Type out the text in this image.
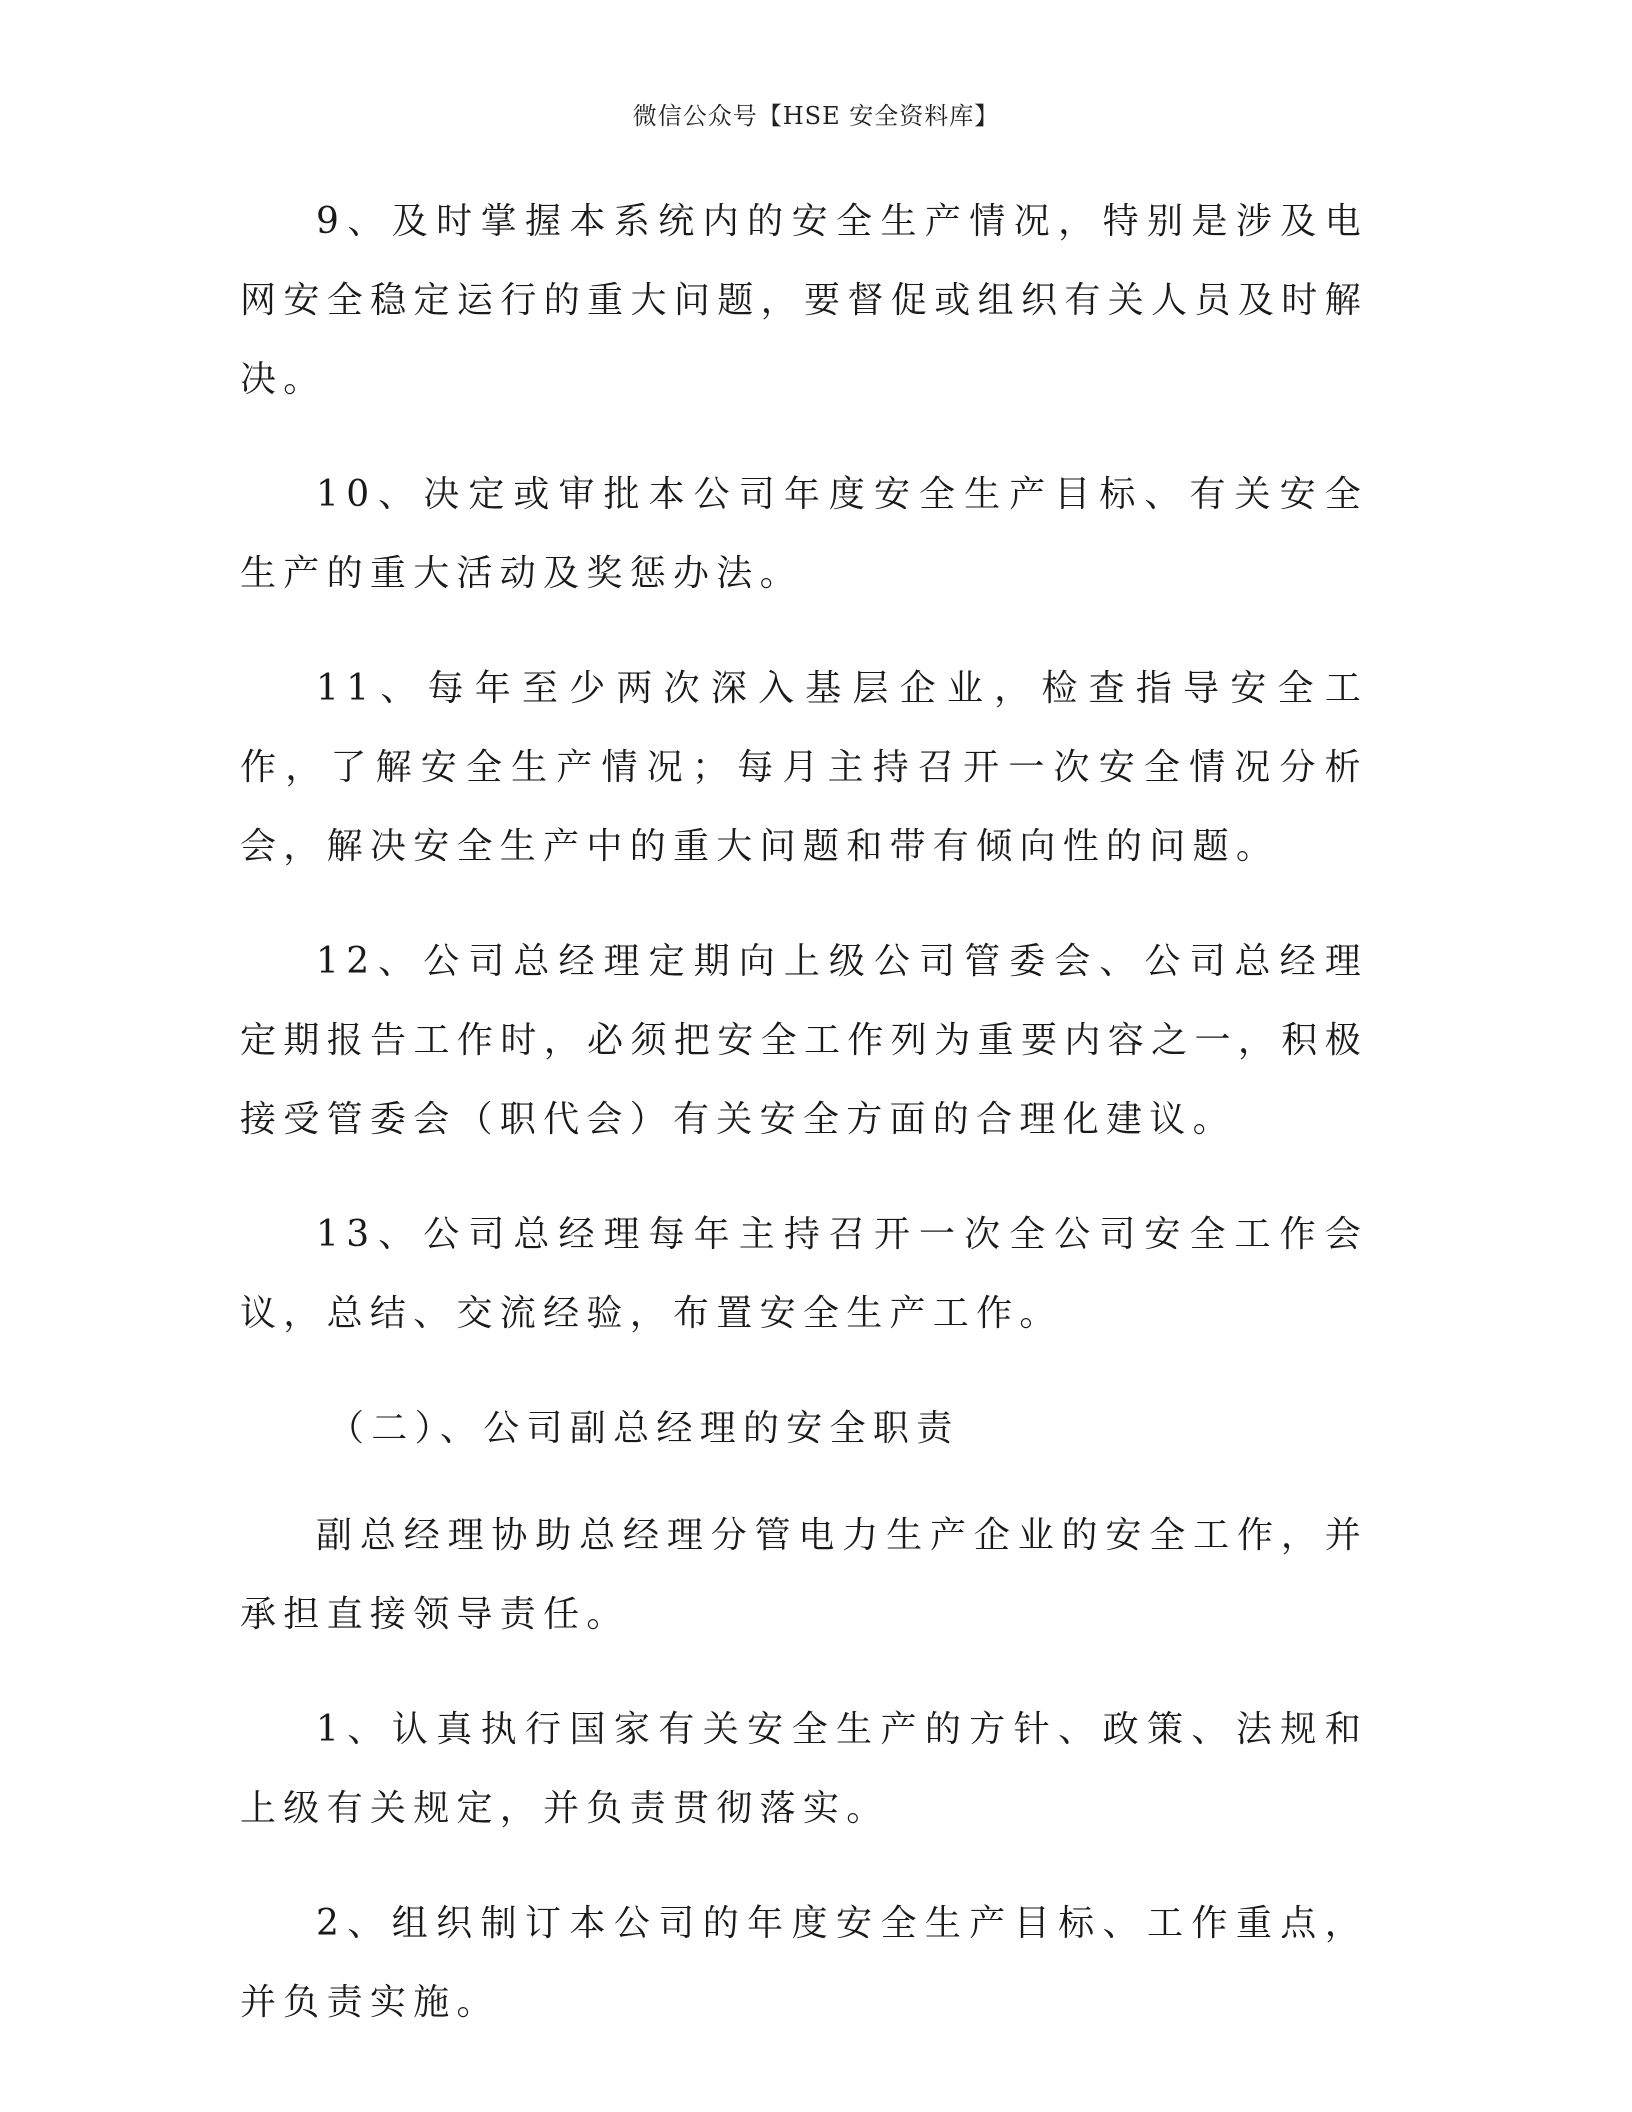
微信公众号【HSE 安全资料库】

9、及时掌握本系统内的安全生产情况，特别是涉及电网安全稳定运行的重大问题，要督促或组织有关人员及时解决。

10、决定或审批本公司年度安全生产目标、有关安全生产的重大活动及奖惩办法。

11、每年至少两次深入基层企业，检查指导安全工作，了解安全生产情况；每月主持召开一次安全情况分析会，解决安全生产中的重大问题和带有倾向性的问题。

12、公司总经理定期向上级公司管委会、公司总经理定期报告工作时，必须把安全工作列为重要内容之一，积极接受管委会（职代会）有关安全方面的合理化建议。

13、公司总经理每年主持召开一次全公司安全工作会议，总结、交流经验，布置安全生产工作。

（二）、公司副总经理的安全职责

副总经理协助总经理分管电力生产企业的安全工作，并承担直接领导责任。

1、认真执行国家有关安全生产的方针、政策、法规和上级有关规定，并负责贯彻落实。

2、组织制订本公司的年度安全生产目标、工作重点，并负责实施。
